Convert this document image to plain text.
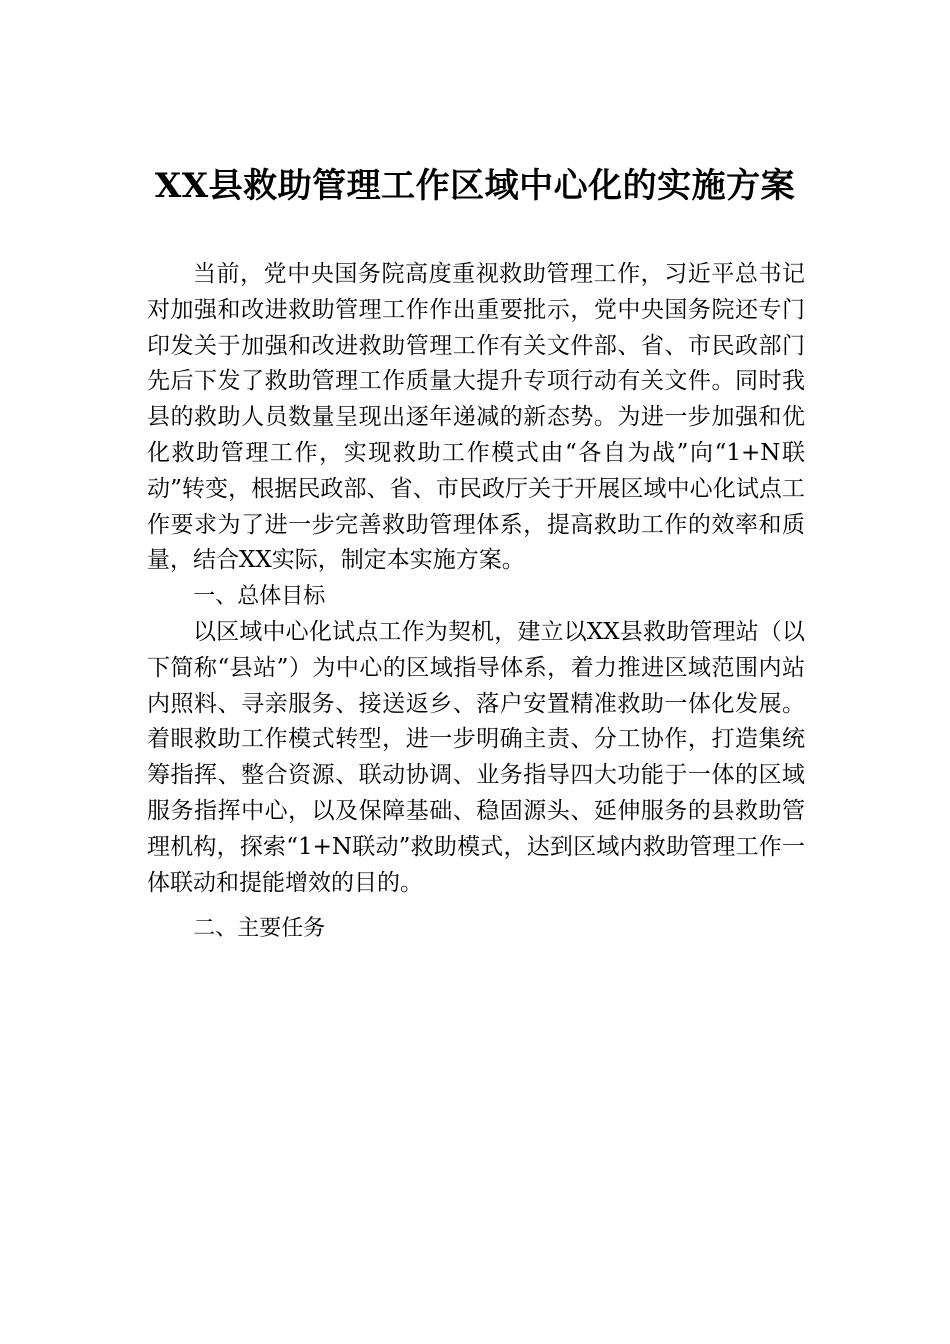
XX县救助管理工作区域中心化的实施方案

当前，党中央国务院高度重视救助管理工作，习近平总书记对加强和改进救助管理工作作出重要批示，党中央国务院还专门印发关于加强和改进救助管理工作有关文件部、省、市民政部门先后下发了救助管理工作质量大提升专项行动有关文件。同时我县的救助人员数量呈现出逐年递减的新态势。为进一步加强和优化救助管理工作，实现救助工作模式由“各自为战”向“1+N联动”转变，根据民政部、省、市民政厅关于开展区域中心化试点工作要求为了进一步完善救助管理体系，提高救助工作的效率和质量，结合XX实际，制定本实施方案。

一、总体目标

以区域中心化试点工作为契机，建立以XX县救助管理站（以下简称“县站”）为中心的区域指导体系，着力推进区域范围内站内照料、寻亲服务、接送返乡、落户安置精准救助一体化发展。着眼救助工作模式转型，进一步明确主责、分工协作，打造集统筹指挥、整合资源、联动协调、业务指导四大功能于一体的区域服务指挥中心，以及保障基础、稳固源头、延伸服务的县救助管理机构，探索“1+N联动”救助模式，达到区域内救助管理工作一体联动和提能增效的目的。

二、主要任务
